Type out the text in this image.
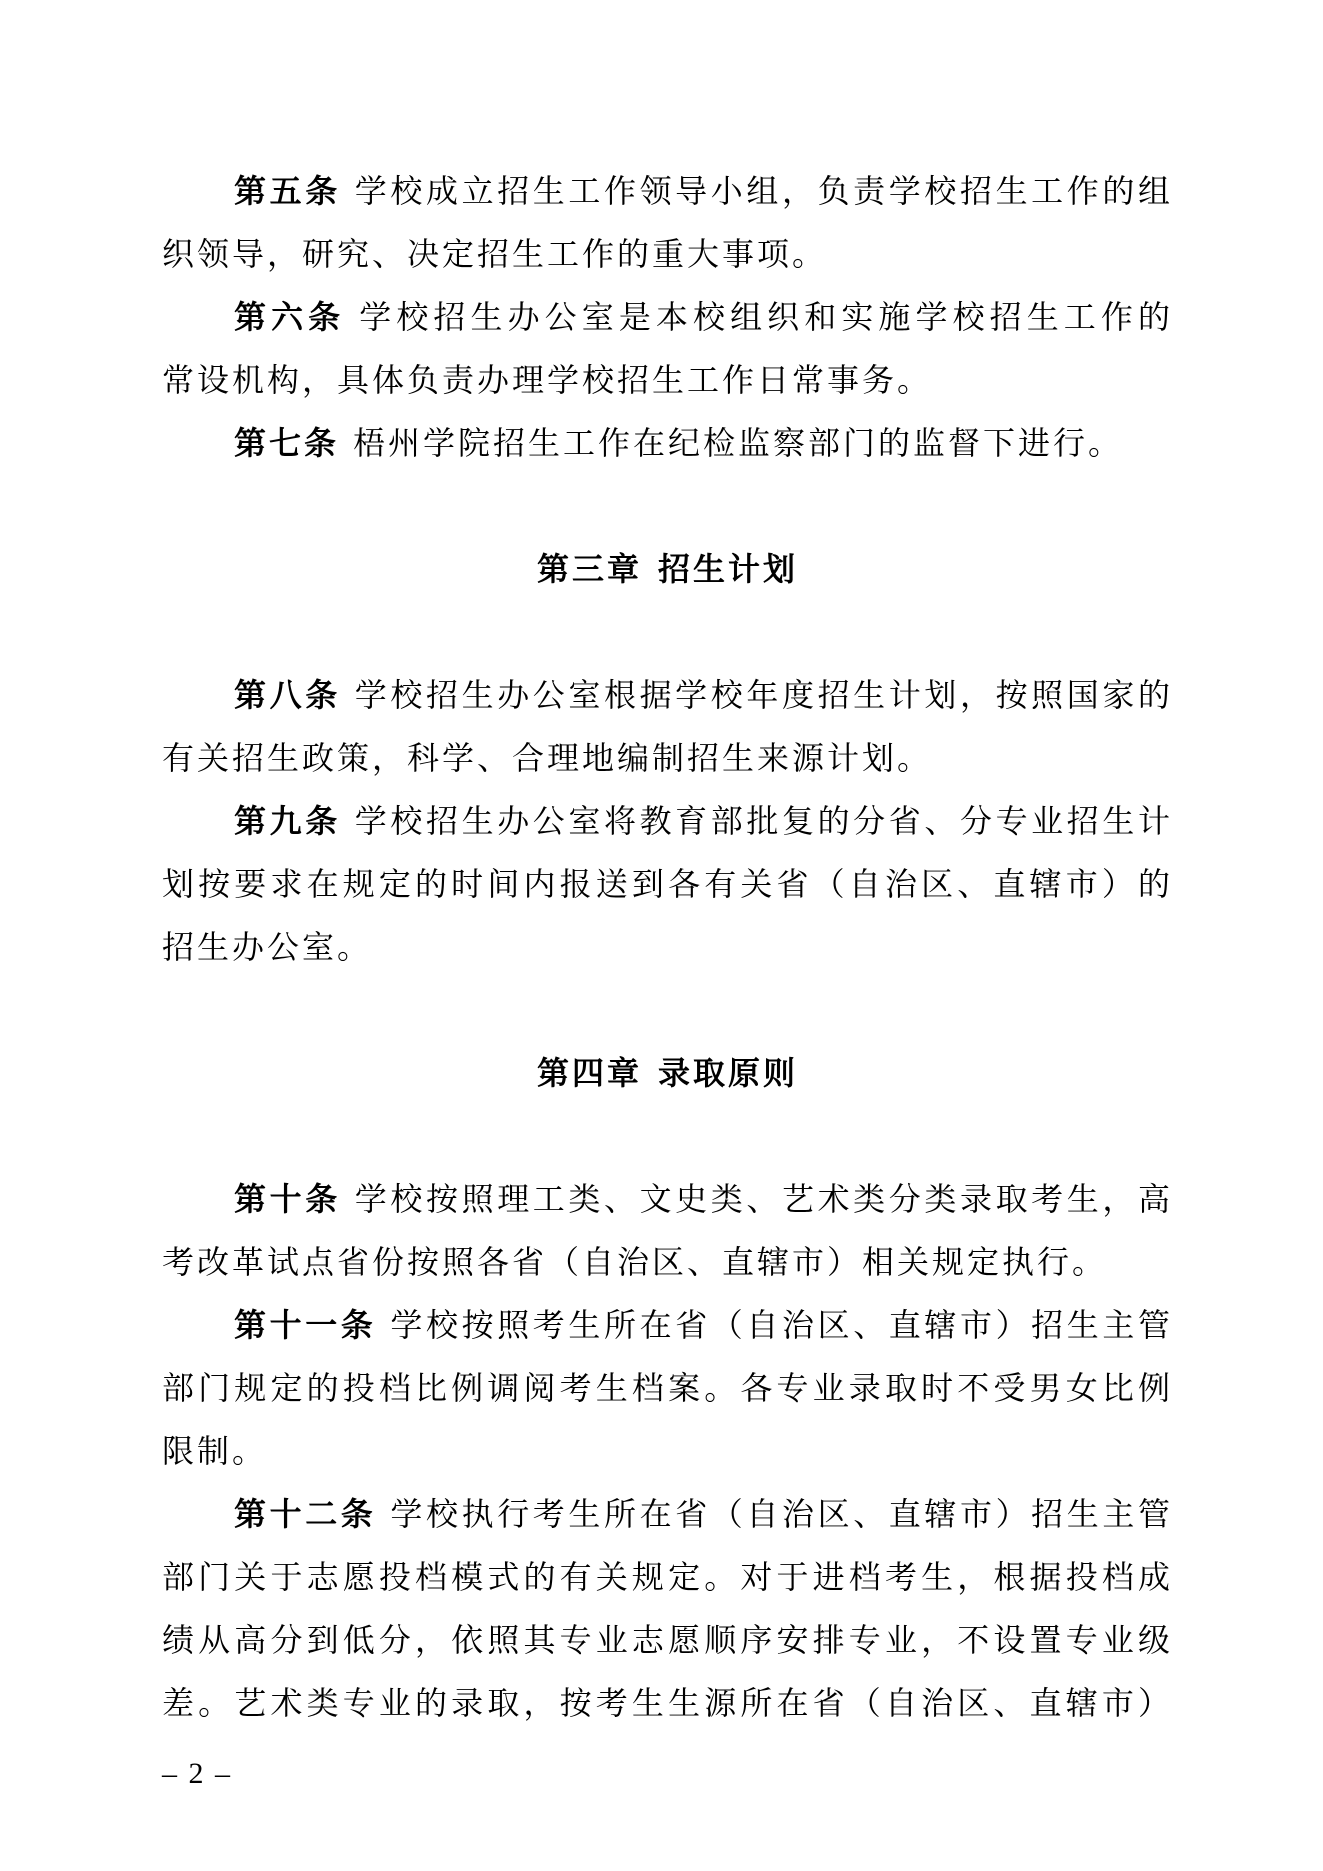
第五条 学校成立招生工作领导小组，负责学校招生工作的组
织领导，研究、决定招生工作的重大事项。
第六条 学校招生办公室是本校组织和实施学校招生工作的
常设机构，具体负责办理学校招生工作日常事务。
第七条 梧州学院招生工作在纪检监察部门的监督下进行。
第三章 招生计划
第八条 学校招生办公室根据学校年度招生计划，按照国家的
有关招生政策，科学、合理地编制招生来源计划。
第九条 学校招生办公室将教育部批复的分省、分专业招生计
划按要求在规定的时间内报送到各有关省（自治区、直辖市）的
招生办公室。
第四章 录取原则
第十条 学校按照理工类、文史类、艺术类分类录取考生，高
考改革试点省份按照各省（自治区、直辖市）相关规定执行。
第十一条 学校按照考生所在省（自治区、直辖市）招生主管
部门规定的投档比例调阅考生档案。各专业录取时不受男女比例
限制。
第十二条 学校执行考生所在省（自治区、直辖市）招生主管
部门关于志愿投档模式的有关规定。对于进档考生，根据投档成
绩从高分到低分，依照其专业志愿顺序安排专业，不设置专业级
差。艺术类专业的录取，按考生生源所在省（自治区、直辖市）
– 2 –
